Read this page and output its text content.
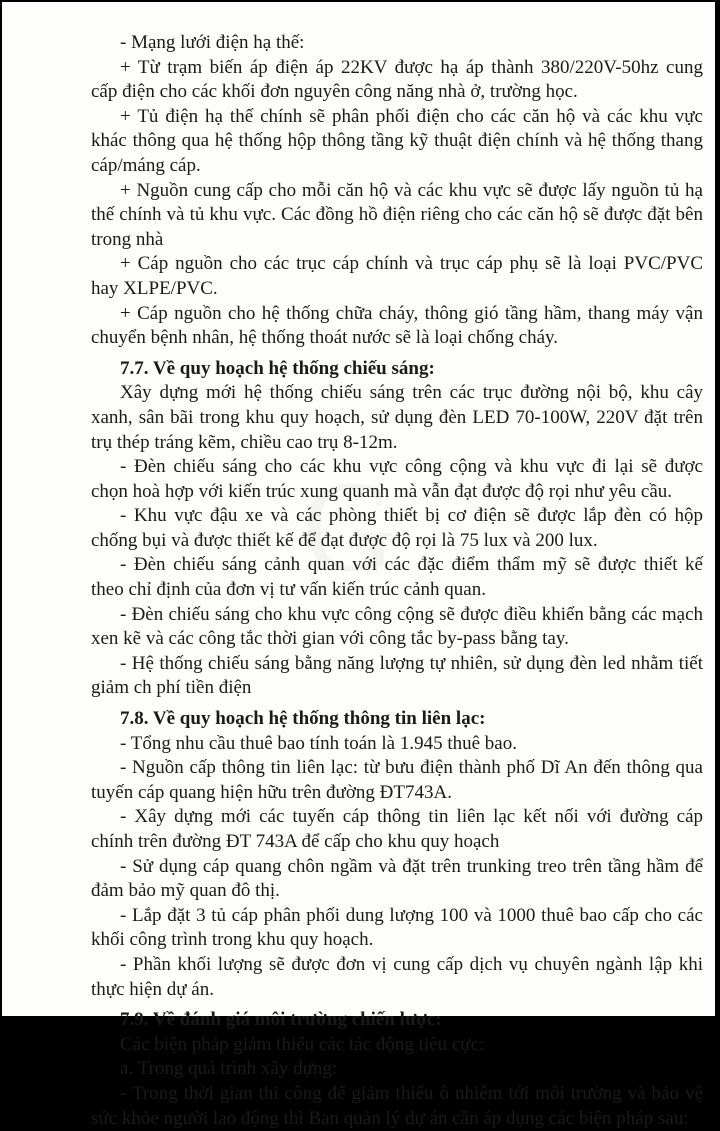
- Mạng lưới điện hạ thế:
+ Từ trạm biến áp điện áp 22KV được hạ áp thành 380/220V-50hz cung
cấp điện cho các khối đơn nguyên công năng nhà ở, trường học.
+ Tủ điện hạ thế chính sẽ phân phối điện cho các căn hộ và các khu vực
khác thông qua hệ thống hộp thông tầng kỹ thuật điện chính và hệ thống thang
cáp/máng cáp.
+ Nguồn cung cấp cho mỗi căn hộ và các khu vực sẽ được lấy nguồn tủ hạ
thế chính và tủ khu vực. Các đồng hồ điện riêng cho các căn hộ sẽ được đặt bên
trong nhà
+ Cáp nguồn cho các trục cáp chính và trục cáp phụ sẽ là loại PVC/PVC
hay XLPE/PVC.
+ Cáp nguồn cho hệ thống chữa cháy, thông gió tầng hầm, thang máy vận
chuyển bệnh nhân, hệ thống thoát nước sẽ là loại chống cháy.
7.7. Về quy hoạch hệ thống chiếu sáng:
Xây dựng mới hệ thống chiếu sáng trên các trục đường nội bộ, khu cây
xanh, sân bãi trong khu quy hoạch, sử dụng đèn LED 70-100W, 220V đặt trên
trụ thép tráng kẽm, chiều cao trụ 8-12m.
- Đèn chiếu sáng cho các khu vực công cộng và khu vực đi lại sẽ được
chọn hoà hợp với kiến trúc xung quanh mà vẫn đạt được độ rọi như yêu cầu.
- Khu vực đậu xe và các phòng thiết bị cơ điện sẽ được lắp đèn có hộp
chống bụi và được thiết kế để đạt được độ rọi là 75 lux và 200 lux.
- Đèn chiếu sáng cảnh quan với các đặc điểm thẩm mỹ sẽ được thiết kế
theo chỉ định của đơn vị tư vấn kiến trúc cảnh quan.
- Đèn chiếu sáng cho khu vực công cộng sẽ được điều khiển bằng các mạch
xen kẽ và các công tắc thời gian với công tắc by-pass bằng tay.
- Hệ thống chiếu sáng bằng năng lượng tự nhiên, sử dụng đèn led nhằm tiết
giảm ch phí tiền điện
7.8. Về quy hoạch hệ thống thông tin liên lạc:
- Tổng nhu cầu thuê bao tính toán là 1.945 thuê bao.
- Nguồn cấp thông tin liên lạc: từ bưu điện thành phố Dĩ An đến thông qua
tuyến cáp quang hiện hữu trên đường ĐT743A.
- Xây dựng mới các tuyến cáp thông tin liên lạc kết nối với đường cáp
chính trên đường ĐT 743A để cấp cho khu quy hoạch
- Sử dụng cáp quang chôn ngầm và đặt trên trunking treo trên tầng hầm để
đảm bảo mỹ quan đô thị.
- Lắp đặt 3 tủ cáp phân phối dung lượng 100 và 1000 thuê bao cấp cho các
khối công trình trong khu quy hoạch.
- Phần khối lượng sẽ được đơn vị cung cấp dịch vụ chuyên ngành lập khi
thực hiện dự án.
7.9. Về đánh giá môi trường chiến lược:
Các biện pháp giảm thiểu các tác động tiêu cực:
a. Trong quá trình xây dựng:
- Trong thời gian thi công để giảm thiểu ô nhiễm tới môi trường và bảo vệ
sức khỏe người lao động thì Ban quản lý dự án cần áp dụng các biện pháp sau:
